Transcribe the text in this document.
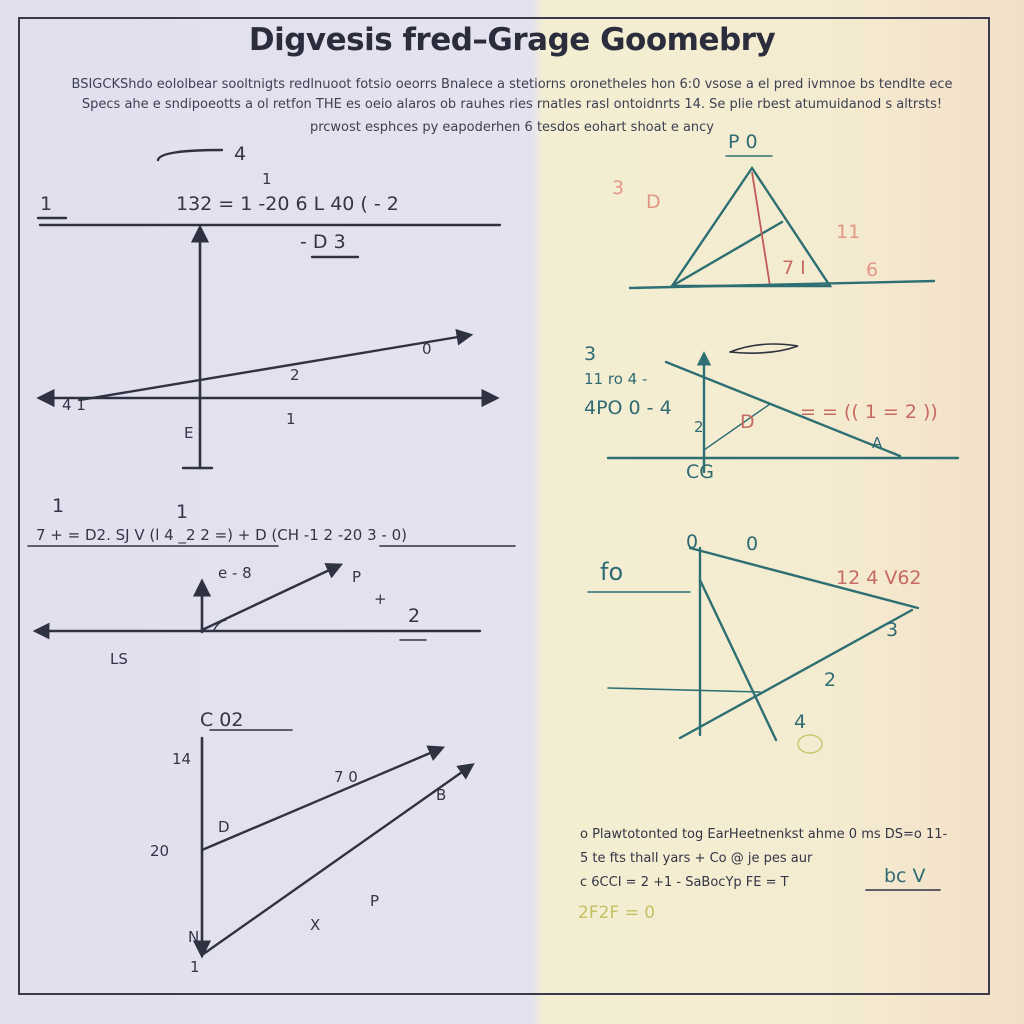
Digvesis fred–Grage Goomebry
BSIGCKShdo eololbear sooltnigts redlnuoot fotsio oeorrs Bnalece a stetiorns oronetheles hon 6:0 vsose a el pred ivmnoe bs tendlte ece
Specs ahe e sndipoeotts a ol retfon THE es oeio alaros ob rauhes ries rnatles rasl ontoidnrts 14. Se plie rbest atumuidanod s altrsts!
prcwost esphces py eapoderhen 6 tesdos eohart shoat e ancy
4
1
1	132 = 1 -20 6 L 40 ( - 2
- D 3
2
0
1
E
4 1
1	1
7 + = D2. SJ V (l 4 _2 2 =) + D (CH -1 2 -20 3 - 0)
e - 8	P
+
2
LS
C 02
14
20
D
7 0
B
X
P
N
1
P 0
3
D
11
7 I	6
3
11 ro 4 -
4PO 0 - 4	= = (( 1 = 2 ))
D
2
A
CG
0	0
fo	12 4 V62
3
2
4
o Plawtotonted tog EarHeetnenkst ahme 0 ms DS=o 11-
5 te fts thall yars + Co @ je pes aur
c 6CCI = 2 +1 - SaBocYp FE = T	bc V
2F2F = 0
